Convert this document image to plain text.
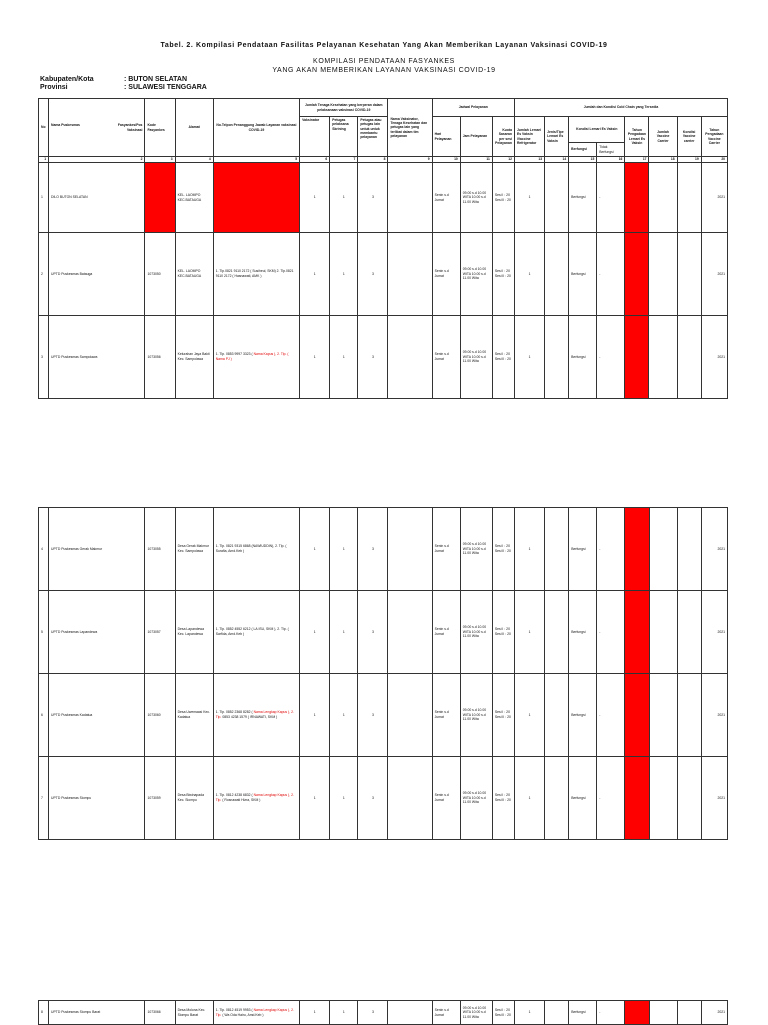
Tabel. 2. Kompilasi Pendataan Fasilitas Pelayanan Kesehatan Yang Akan Memberikan Layanan Vaksinasi COVID-19
KOMPILASI PENDATAAN FASYANKES
YANG AKAN MEMBERIKAN LAYANAN VAKSINASI COVID-19
Kabupaten/Kota	: BUTON SELATAN
Provinsi	: SULAWESI TENGGARA
No	Nama Puskesmas Fasyankes/Pos Vaksinasi	Kode Fasyankes	Alamat	No.Telpon Penanggung Jawab Layanan vaksinasi COVID-19	Jumlah Tenaga Kesehatan yang berperan dalam pelaksanaan vaksinasi COVID-19			Nama Vaksinator, Tenaga Kesehatan dan petugas lain yang terlibat dalam tim pelayanan	Jadwal Pelayanan			Jumlah dan Kondisi Cold Chain yang Tersedia							
					Vaksinator	Petugas pelaksana Skrining	Petugas atau petugas lain untuk untuk membantu pelayanan		Hari Pelayanan	Jam Pelayanan	Kuota Sasaran per sesi Pelayanan	Jumlah Lemari Es Vaksin /Vaccine Refrigerator	Jenis/Tipe Lemari Es Vaksin	Kondisi Lemari Es Vaksin		Tahun Pengadaan Lemari Es Vaksin	Jumlah Vaccine Carrier	Kondisi Vaccine carrier	Tahun Pengadaan Vaccine Carrier
														Berfungsi	Tidak Berfungsi				
1	2	3	4	5	6	7	8	9	10	11	12	13	14	15	16	17	18	19	20
1	DILO BUTON SELATAN		KEL. LAOMPO KEC.BATAUGA		1	1	3		Senin s.d Jumat	09.00 s.d 10.00 WITA 10.00 s.d 11.00 Wita	Sesi I : 20 Sesi II : 20	1		Berfungsi	-				2021
2	UPTD Puskesmas Batauga	1073050	KEL. LAOMPO KEC.BATAUGA	1. Tlp.0821 9110 2172 ( Susiheul, SKM) 2. Tlp.0821 9110 2172 ( Hasnawati, AMK )	1	1	3		Senin s.d Jumat	09.00 s.d 10.00 WITA 10.00 s.d 11.00 Wita	Sesi I : 20 Sesi II : 20	1		Berfungsi	-				2021
3	UPTD Puskesmas Sampolawa	1073056	Kelurahan Jaya Bakti Kec. Sampolawa	1. Tlp. 0853 9997 3323 ( Nama Kapus ), 2. Tlp. ( Nama PJ )	1	1	3		Senin s.d Jumat	09.00 s.d 10.00 WITA 10.00 s.d 11.00 Wita	Sesi I : 20 Sesi II : 20	1		Berfungsi	-				2021
4	UPTD Puskesmas Gerak Makmur	1073055	Desa Gerak Makmur Kec. Sampolawa	1. Tlp. 0821 9315 6868 (NAWIUDDIN), 2. Tlp. ( Surafia, Amd.Keb )	1	1	3		Senin s.d Jumat	09.00 s.d 10.00 WITA 10.00 s.d 11.00 Wita	Sesi I : 20 Sesi II : 20	1		Berfungsi	-				2021
5	UPTD Puskesmas Lapandewa	1073057	Desa Lapandewa Kec. Lapandewa	1. Tlp. 0852 4552 6212 ( LA ISU, SKM ), 2. Tlp. ( Sarfida, Amd.Keb )	1	1	3		Senin s.d Jumat	09.00 s.d 10.00 WITA 10.00 s.d 11.00 Wita	Sesi I : 20 Sesi II : 20	1		Berfungsi	-				2021
6	UPTD Puskesmas Kadatua	1073060	Desa Uwemaasi Kec. Kadatua	1. Tlp. 0852 2368 8282 ( Nama Lengkap Kapus ), 2. Tlp. 0853 4238 1579 ( IRNAWATI, SKM )	1	1	3		Senin s.d Jumat	09.00 s.d 10.00 WITA 10.00 s.d 11.00 Wita	Sesi I : 20 Sesi II : 20	1		Berfungsi	-				2021
7	UPTD Puskesmas Siompu	1073059	Desa Biwinapada Kec. Siompu	1. Tlp. 0812 4238 6832 ( Nama Lengkap Kapus ), 2. Tlp. ( Rosnawati Hizra, SKM )	1	1	3		Senin s.d Jumat	09.00 s.d 10.00 WITA 10.00 s.d 11.00 Wita	Sesi I : 20 Sesi II : 20	1		Berfungsi	-				2021
8	UPTD Puskesmas Siompu Barat	1073066	Desa Molona Kec. Siompu Barat	1. Tlp. 0812 4519 9953 ( Nama Lengkap Kapus ), 2. Tlp. ( Wa Oda Hairu, Amd.Keb )	1	1	3		Senin s.d Jumat	09.00 s.d 10.00 WITA 10.00 s.d 11.00 Wita	Sesi I : 20 Sesi II : 20	1		Berfungsi	-				2021
